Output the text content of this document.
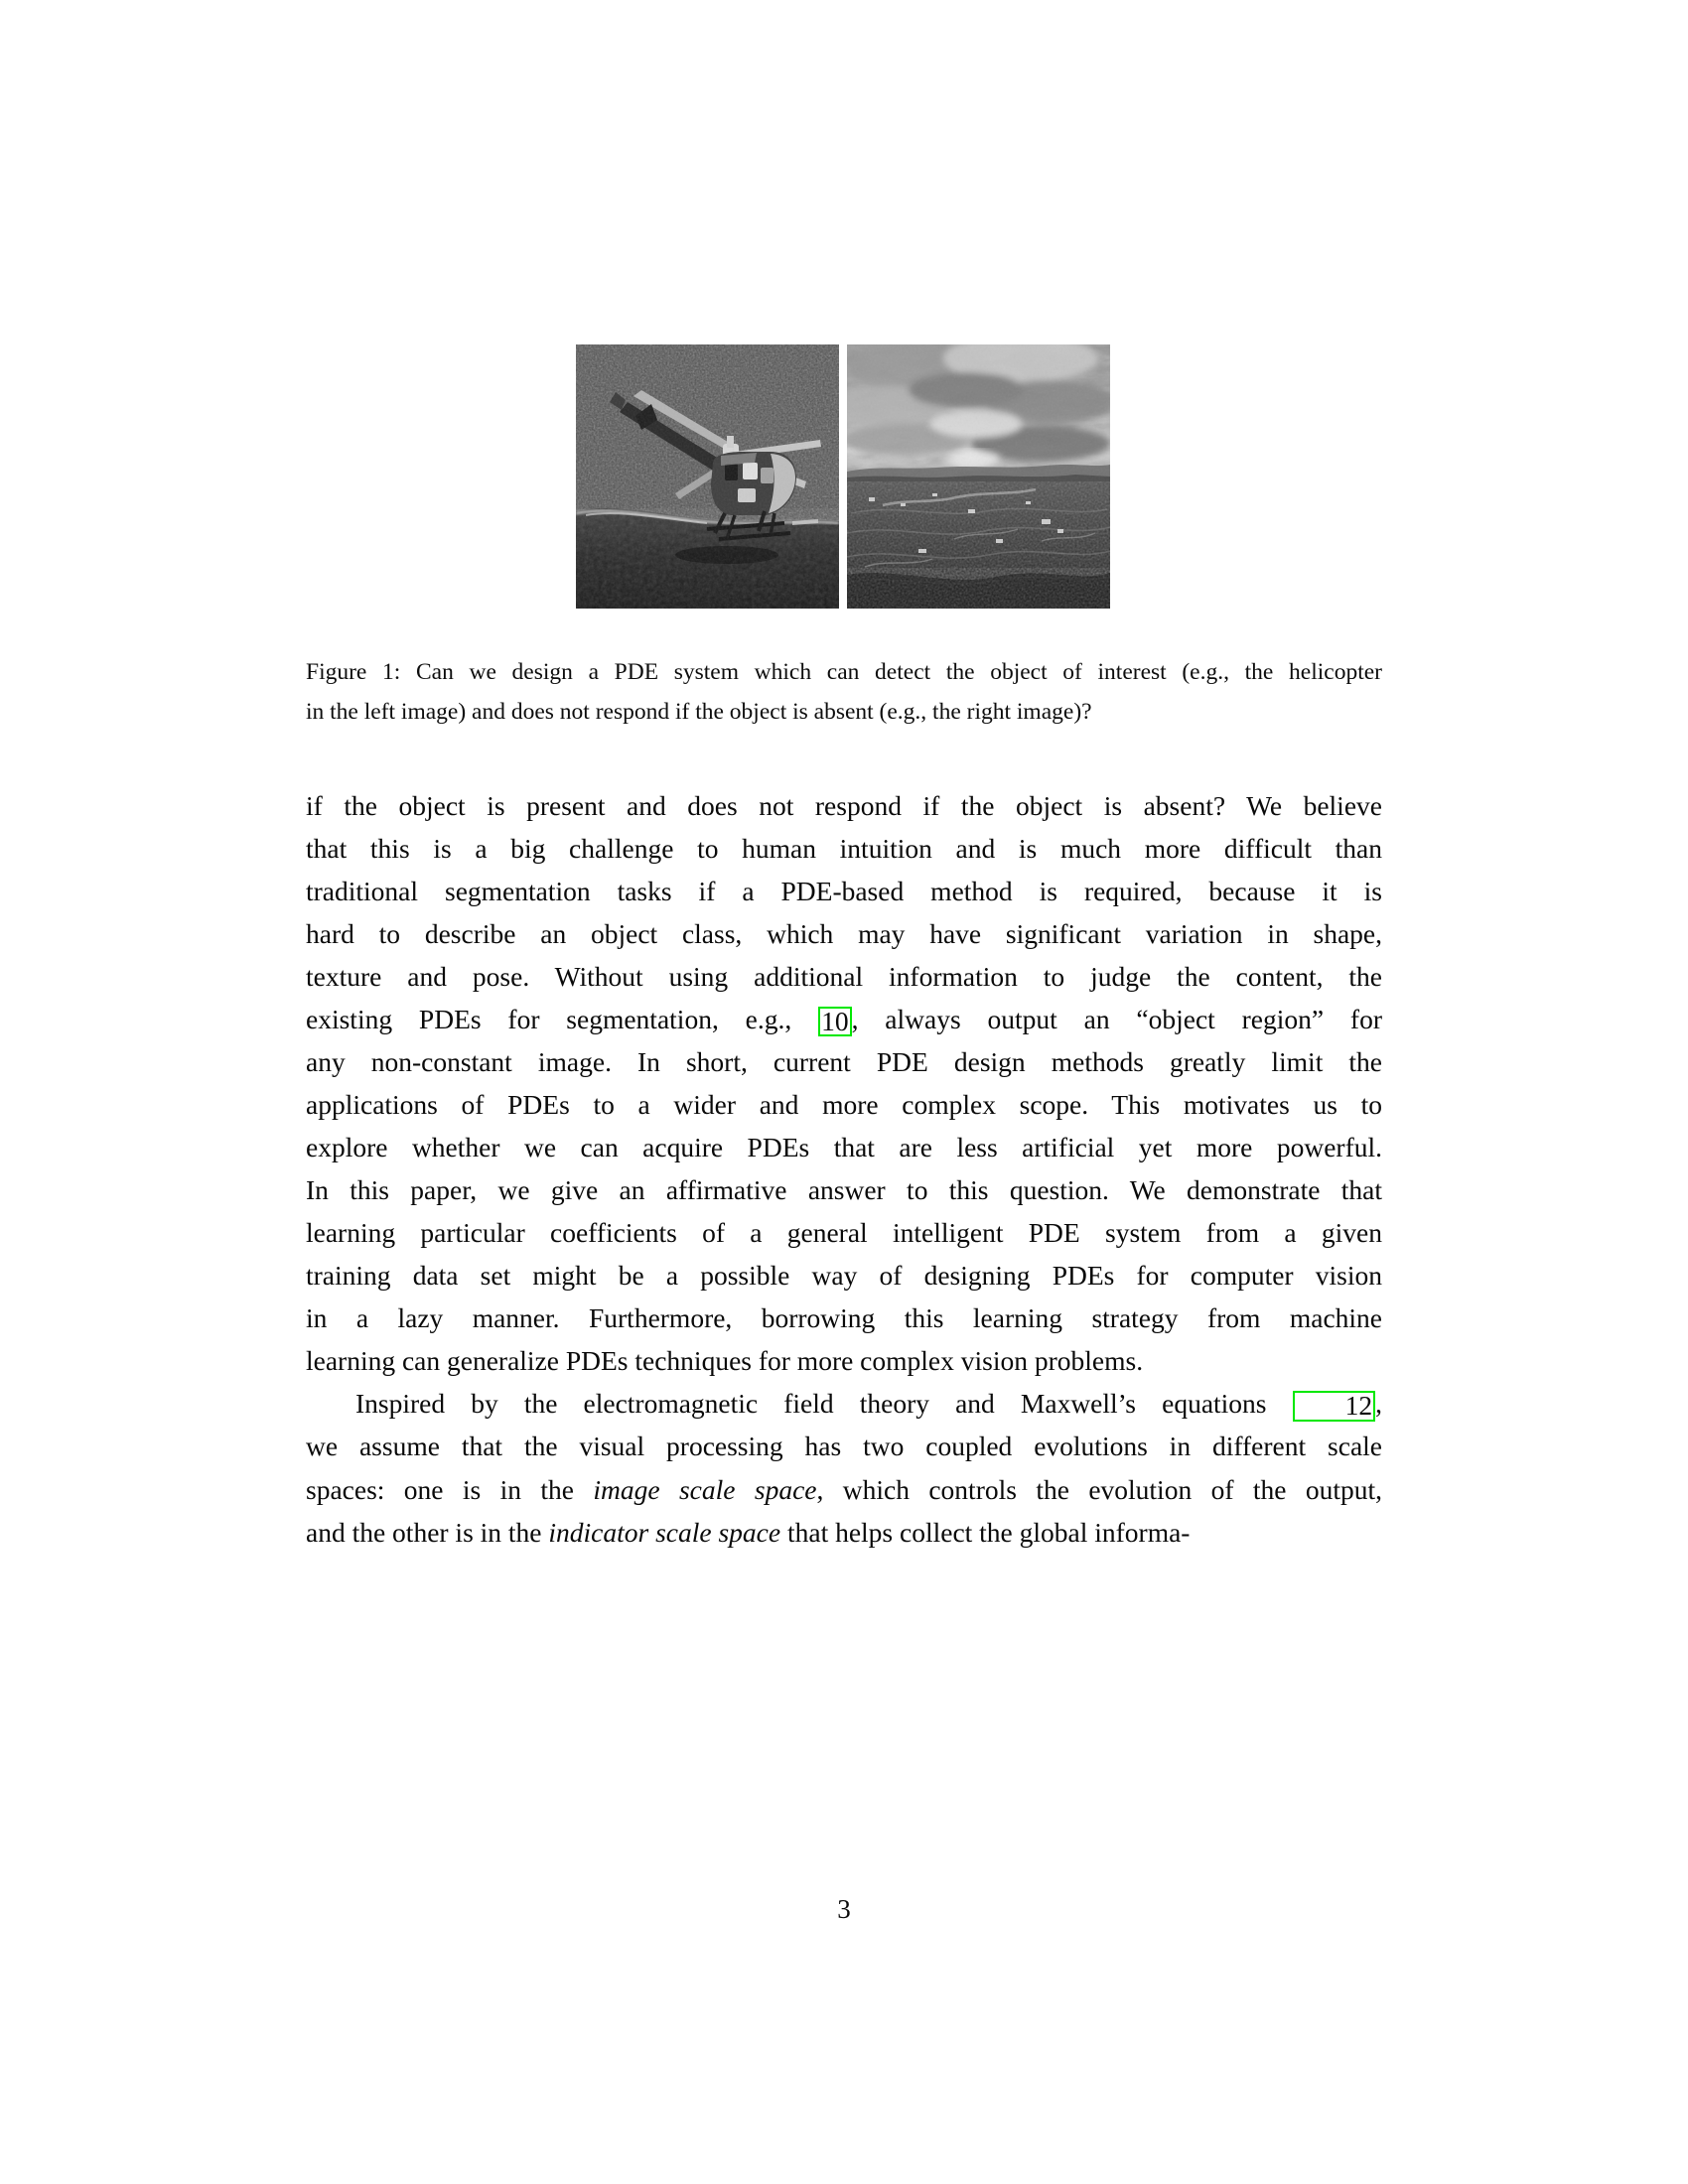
Figure 1: Can we design a PDE system which can detect the object of interest (e.g., the helicopter
in the left image) and does not respond if the object is absent (e.g., the right image)?

if the object is present and does not respond if the object is absent? We believe
that this is a big challenge to human intuition and is much more difficult than
traditional segmentation tasks if a PDE-based method is required, because it is
hard to describe an object class, which may have significant variation in shape,
texture and pose. Without using additional information to judge the content, the
existing PDEs for segmentation, e.g., 10 , always output an “object region” for
any non-constant image. In short, current PDE design methods greatly limit the
applications of PDEs to a wider and more complex scope. This motivates us to
explore whether we can acquire PDEs that are less artificial yet more powerful.
In this paper, we give an affirmative answer to this question. We demonstrate that
learning particular coefficients of a general intelligent PDE system from a given
training data set might be a possible way of designing PDEs for computer vision
in a lazy manner. Furthermore, borrowing this learning strategy from machine
learning can generalize PDEs techniques for more complex vision problems.

Inspired by the electromagnetic field theory and Maxwell’s equations 12 ,
we assume that the visual processing has two coupled evolutions in different scale
spaces: one is in the image scale space, which controls the evolution of the output,
and the other is in the indicator scale space that helps collect the global informa-

3
